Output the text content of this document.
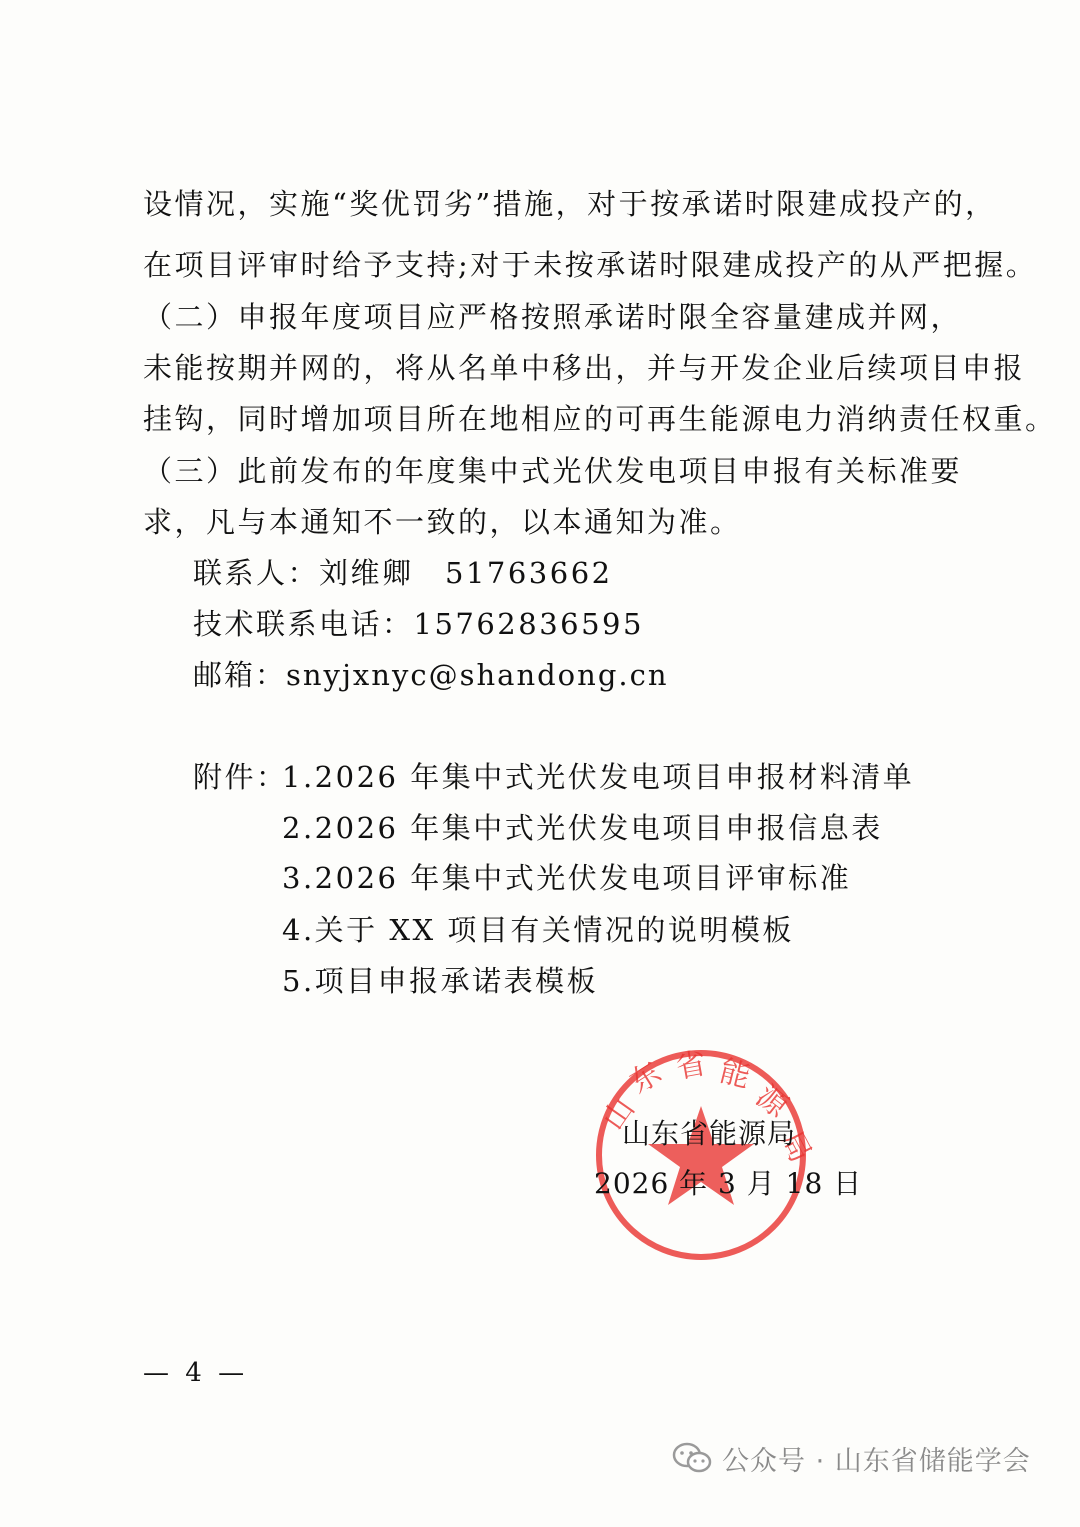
设情况，实施“奖优罚劣”措施，对于按承诺时限建成投产的，
在项目评审时给予支持;对于未按承诺时限建成投产的从严把握。
（二）申报年度项目应严格按照承诺时限全容量建成并网，
未能按期并网的，将从名单中移出，并与开发企业后续项目申报
挂钩，同时增加项目所在地相应的可再生能源电力消纳责任权重。
（三）此前发布的年度集中式光伏发电项目申报有关标准要
求，凡与本通知不一致的，以本通知为准。
联系人：刘维卿　51763662
技术联系电话：15762836595
邮箱：snyjxnyc@shandong.cn
附件：
1.2026 年集中式光伏发电项目申报材料清单
2.2026 年集中式光伏发电项目申报信息表
3.2026 年集中式光伏发电项目评审标准
4.关于 XX 项目有关情况的说明模板
5.项目申报承诺表模板
山
东 省 能
源
局
山东省能源局
2026 年 3 月 18 日
— 4 —
公众号 · 山东省储能学会
